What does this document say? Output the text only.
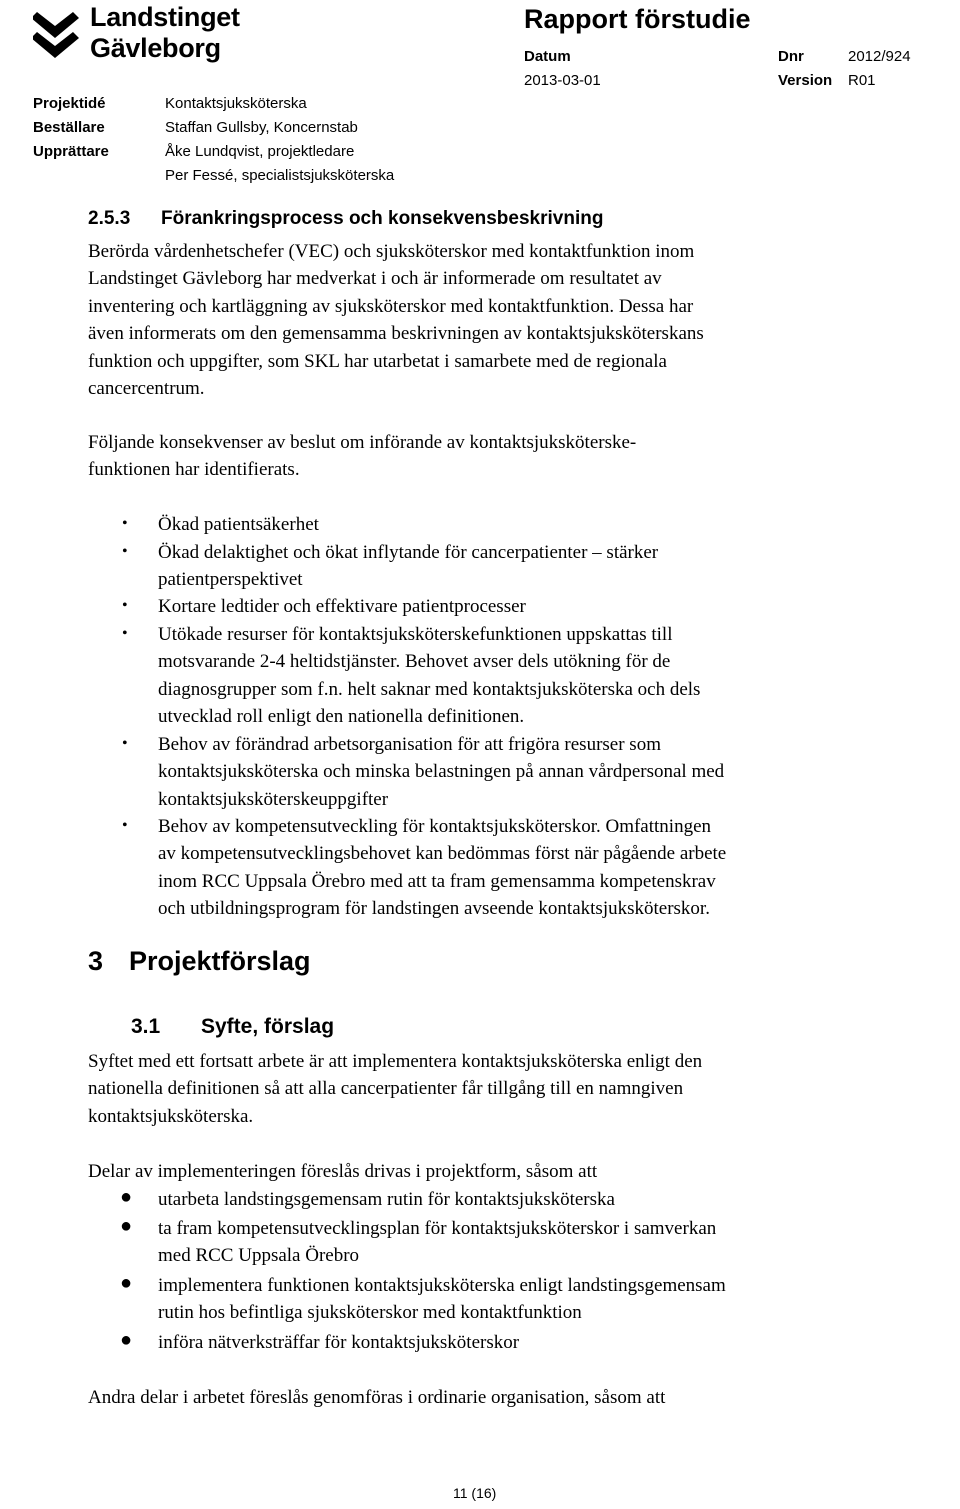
Landstinget
Gävleborg
Rapport förstudie
Datum
2013-03-01
Dnr	2012/924
Version R01
Projektidé	Kontaktsjuksköterska
Beställare	Staffan Gullsby, Koncernstab
Upprättare	Åke Lundqvist, projektledare
Per Fessé, specialistsjuksköterska
2.5.3 Förankringsprocess och konsekvensbeskrivning
Berörda vårdenhetschefer (VEC) och sjuksköterskor med kontaktfunktion inom
Landstinget Gävleborg har medverkat i och är informerade om resultatet av
inventering och kartläggning av sjuksköterskor med kontaktfunktion. Dessa har
även informerats om den gemensamma beskrivningen av kontaktsjuksköterskans
funktion och uppgifter, som SKL har utarbetat i samarbete med de regionala
cancercentrum.
Följande konsekvenser av beslut om införande av kontaktsjuksköterske-
funktionen har identifierats.
• Ökad patientsäkerhet
• Ökad delaktighet och ökat inflytande för cancerpatienter – stärker
patientperspektivet
• Kortare ledtider och effektivare patientprocesser
• Utökade resurser för kontaktsjuksköterskefunktionen uppskattas till
motsvarande 2-4 heltidstjänster. Behovet avser dels utökning för de
diagnosgrupper som f.n. helt saknar med kontaktsjuksköterska och dels
utvecklad roll enligt den nationella definitionen.
• Behov av förändrad arbetsorganisation för att frigöra resurser som
kontaktsjuksköterska och minska belastningen på annan vårdpersonal med
kontaktsjuksköterskeuppgifter
• Behov av kompetensutveckling för kontaktsjuksköterskor. Omfattningen
av kompetensutvecklingsbehovet kan bedömmas först när pågående arbete
inom RCC Uppsala Örebro med att ta fram gemensamma kompetenskrav
och utbildningsprogram för landstingen avseende kontaktsjuksköterskor.
3 Projektförslag
3.1 Syfte, förslag
Syftet med ett fortsatt arbete är att implementera kontaktsjuksköterska enligt den
nationella definitionen så att alla cancerpatienter får tillgång till en namngiven
kontaktsjuksköterska.
Delar av implementeringen föreslås drivas i projektform, såsom att
● utarbeta landstingsgemensam rutin för kontaktsjuksköterska
● ta fram kompetensutvecklingsplan för kontaktsjuksköterskor i samverkan
med RCC Uppsala Örebro
● implementera funktionen kontaktsjuksköterska enligt landstingsgemensam
rutin hos befintliga sjuksköterskor med kontaktfunktion
● införa nätverksträffar för kontaktsjuksköterskor
Andra delar i arbetet föreslås genomföras i ordinarie organisation, såsom att
11 (16)
